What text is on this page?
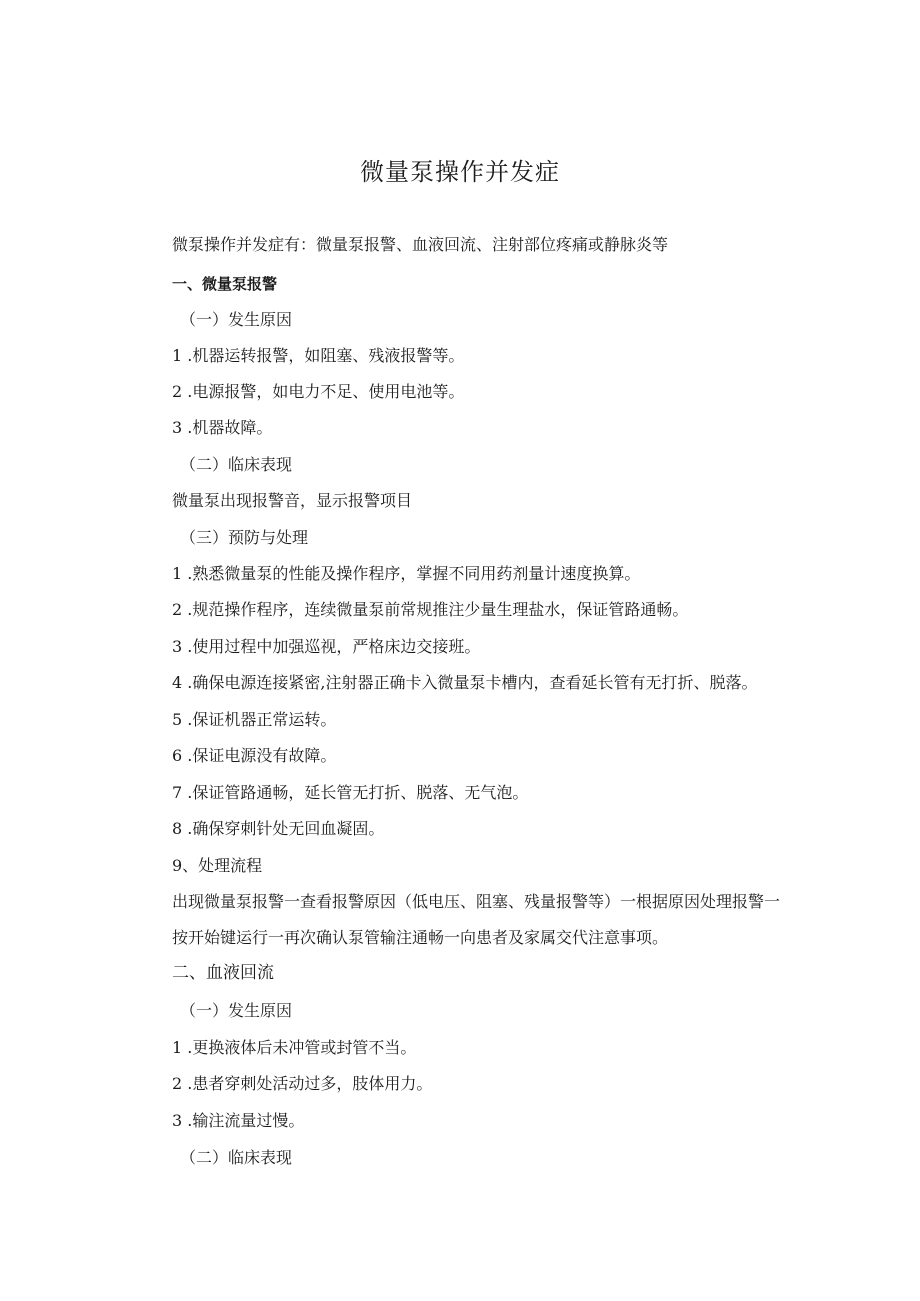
微量泵操作并发症
微泵操作并发症有：微量泵报警、血液回流、注射部位疼痛或静脉炎等
一、微量泵报警
（一）发生原因
1 .机器运转报警，如阻塞、残液报警等。
2 .电源报警，如电力不足、使用电池等。
3 .机器故障。
（二）临床表现
微量泵出现报警音，显示报警项目
（三）预防与处理
1 .熟悉微量泵的性能及操作程序，掌握不同用药剂量计速度换算。
2 .规范操作程序，连续微量泵前常规推注少量生理盐水，保证管路通畅。
3 .使用过程中加强巡视，严格床边交接班。
4 .确保电源连接紧密,注射器正确卡入微量泵卡槽内，查看延长管有无打折、脱落。
5 .保证机器正常运转。
6 .保证电源没有故障。
7 .保证管路通畅，延长管无打折、脱落、无气泡。
8 .确保穿刺针处无回血凝固。
9、处理流程
出现微量泵报警一查看报警原因（低电压、阻塞、残量报警等）一根据原因处理报警一按开始键运行一再次确认泵管输注通畅一向患者及家属交代注意事项。
二、血液回流
（一）发生原因
1 .更换液体后未冲管或封管不当。
2 .患者穿刺处活动过多，肢体用力。
3 .输注流量过慢。
（二）临床表现
